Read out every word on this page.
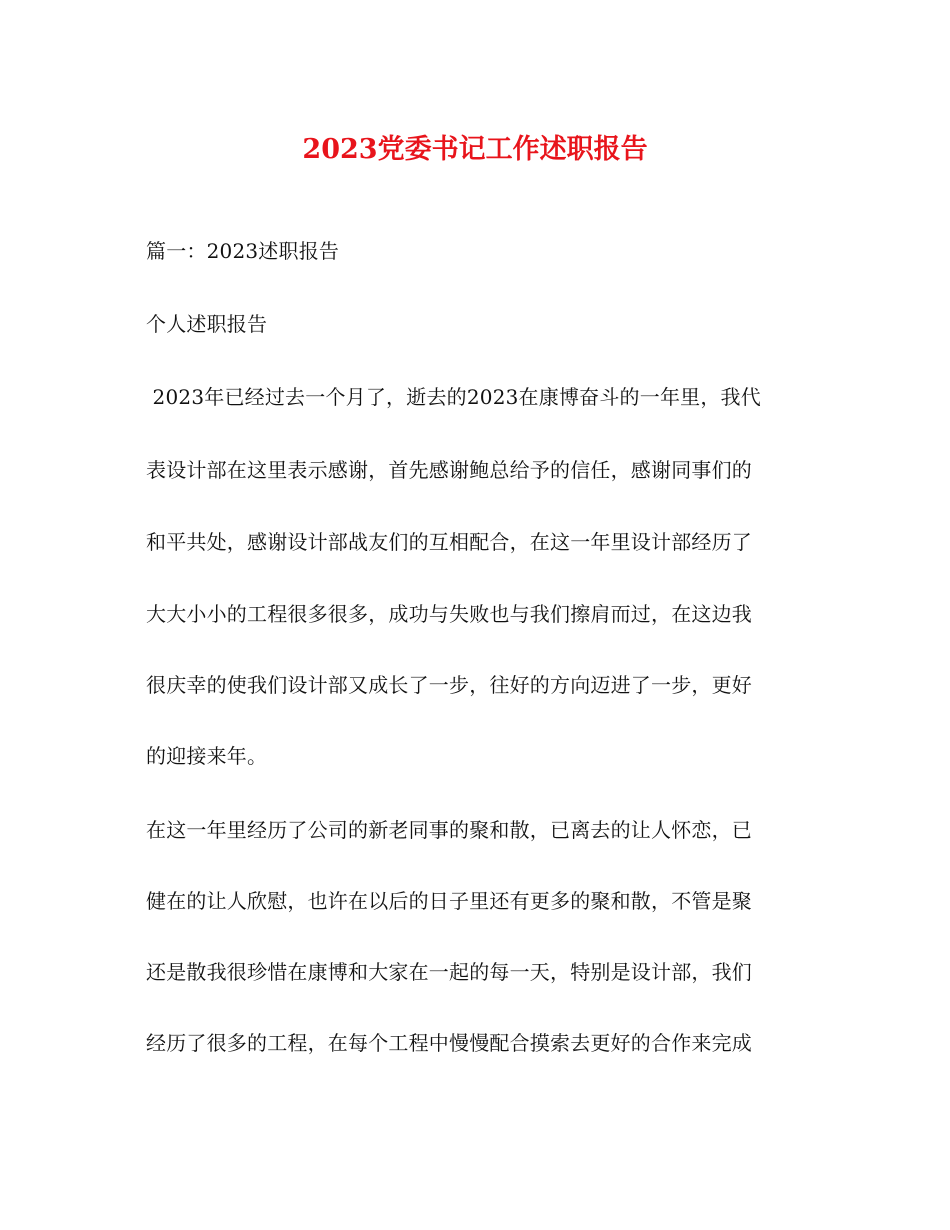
2023党委书记工作述职报告

篇一：2023述职报告

个人述职报告

2023年已经过去一个月了，逝去的2023在康博奋斗的一年里，我代

表设计部在这里表示感谢，首先感谢鲍总给予的信任，感谢同事们的

和平共处，感谢设计部战友们的互相配合，在这一年里设计部经历了

大大小小的工程很多很多，成功与失败也与我们擦肩而过，在这边我

很庆幸的使我们设计部又成长了一步，往好的方向迈进了一步，更好

的迎接来年。

在这一年里经历了公司的新老同事的聚和散，已离去的让人怀恋，已

健在的让人欣慰，也许在以后的日子里还有更多的聚和散，不管是聚

还是散我很珍惜在康博和大家在一起的每一天，特别是设计部，我们

经历了很多的工程，在每个工程中慢慢配合摸索去更好的合作来完成
